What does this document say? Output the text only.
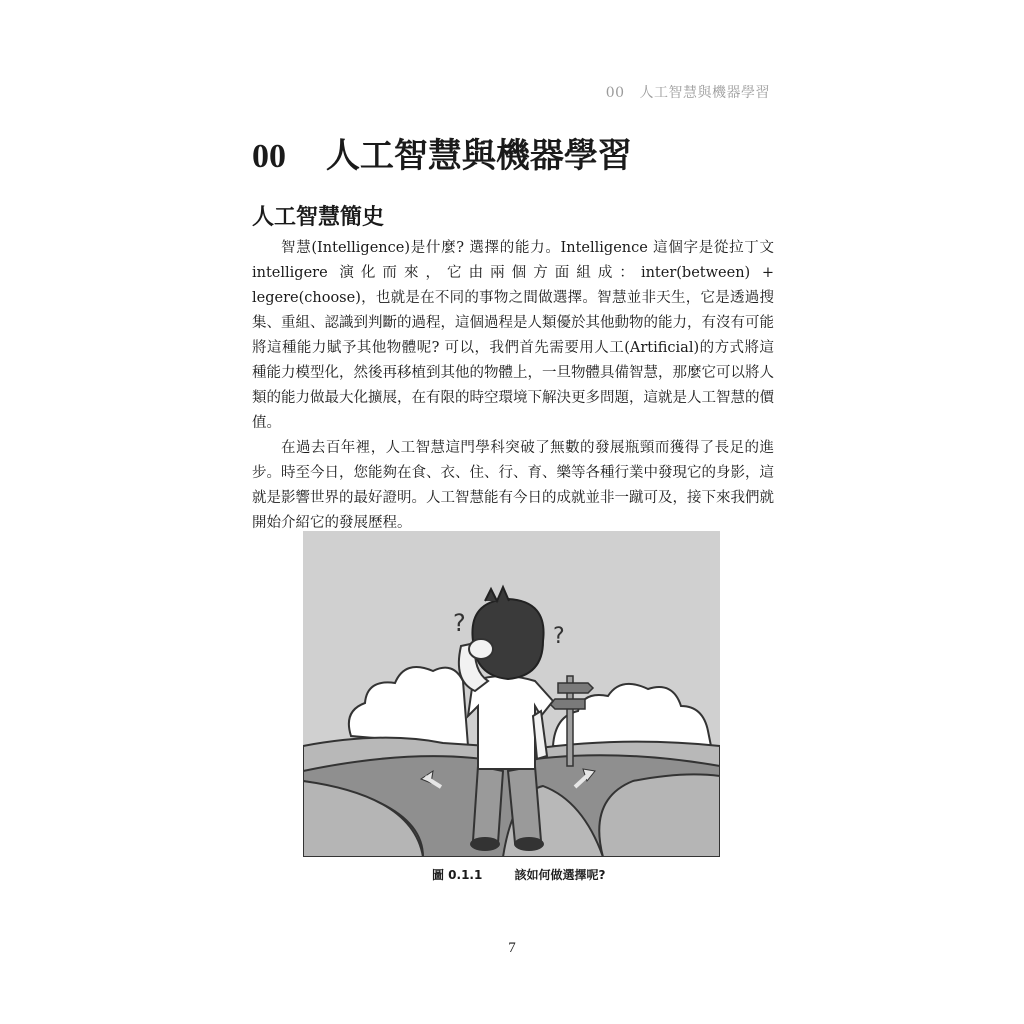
00 人工智慧與機器學習
00 人工智慧與機器學習
人工智慧簡史

智慧(Intelligence)是什麼? 選擇的能力。Intelligence 這個字是從拉丁文 intelligere 演化而來，它由兩個方面組成：inter(between) + legere(choose)，也就是在不同的事物之間做選擇。智慧並非天生，它是透過搜集、重組、認識到判斷的過程，這個過程是人類優於其他動物的能力，有沒有可能將這種能力賦予其他物體呢? 可以，我們首先需要用人工(Artificial)的方式將這種能力模型化，然後再移植到其他的物體上，一旦物體具備智慧，那麼它可以將人類的能力做最大化擴展，在有限的時空環境下解決更多問題，這就是人工智慧的價值。

在過去百年裡，人工智慧這門學科突破了無數的發展瓶頸而獲得了長足的進步。時至今日，您能夠在食、衣、住、行、育、樂等各種行業中發現它的身影，這就是影響世界的最好證明。人工智慧能有今日的成就並非一蹴可及，接下來我們就開始介紹它的發展歷程。

?	?
圖 0.1.1	該如何做選擇呢?
7
